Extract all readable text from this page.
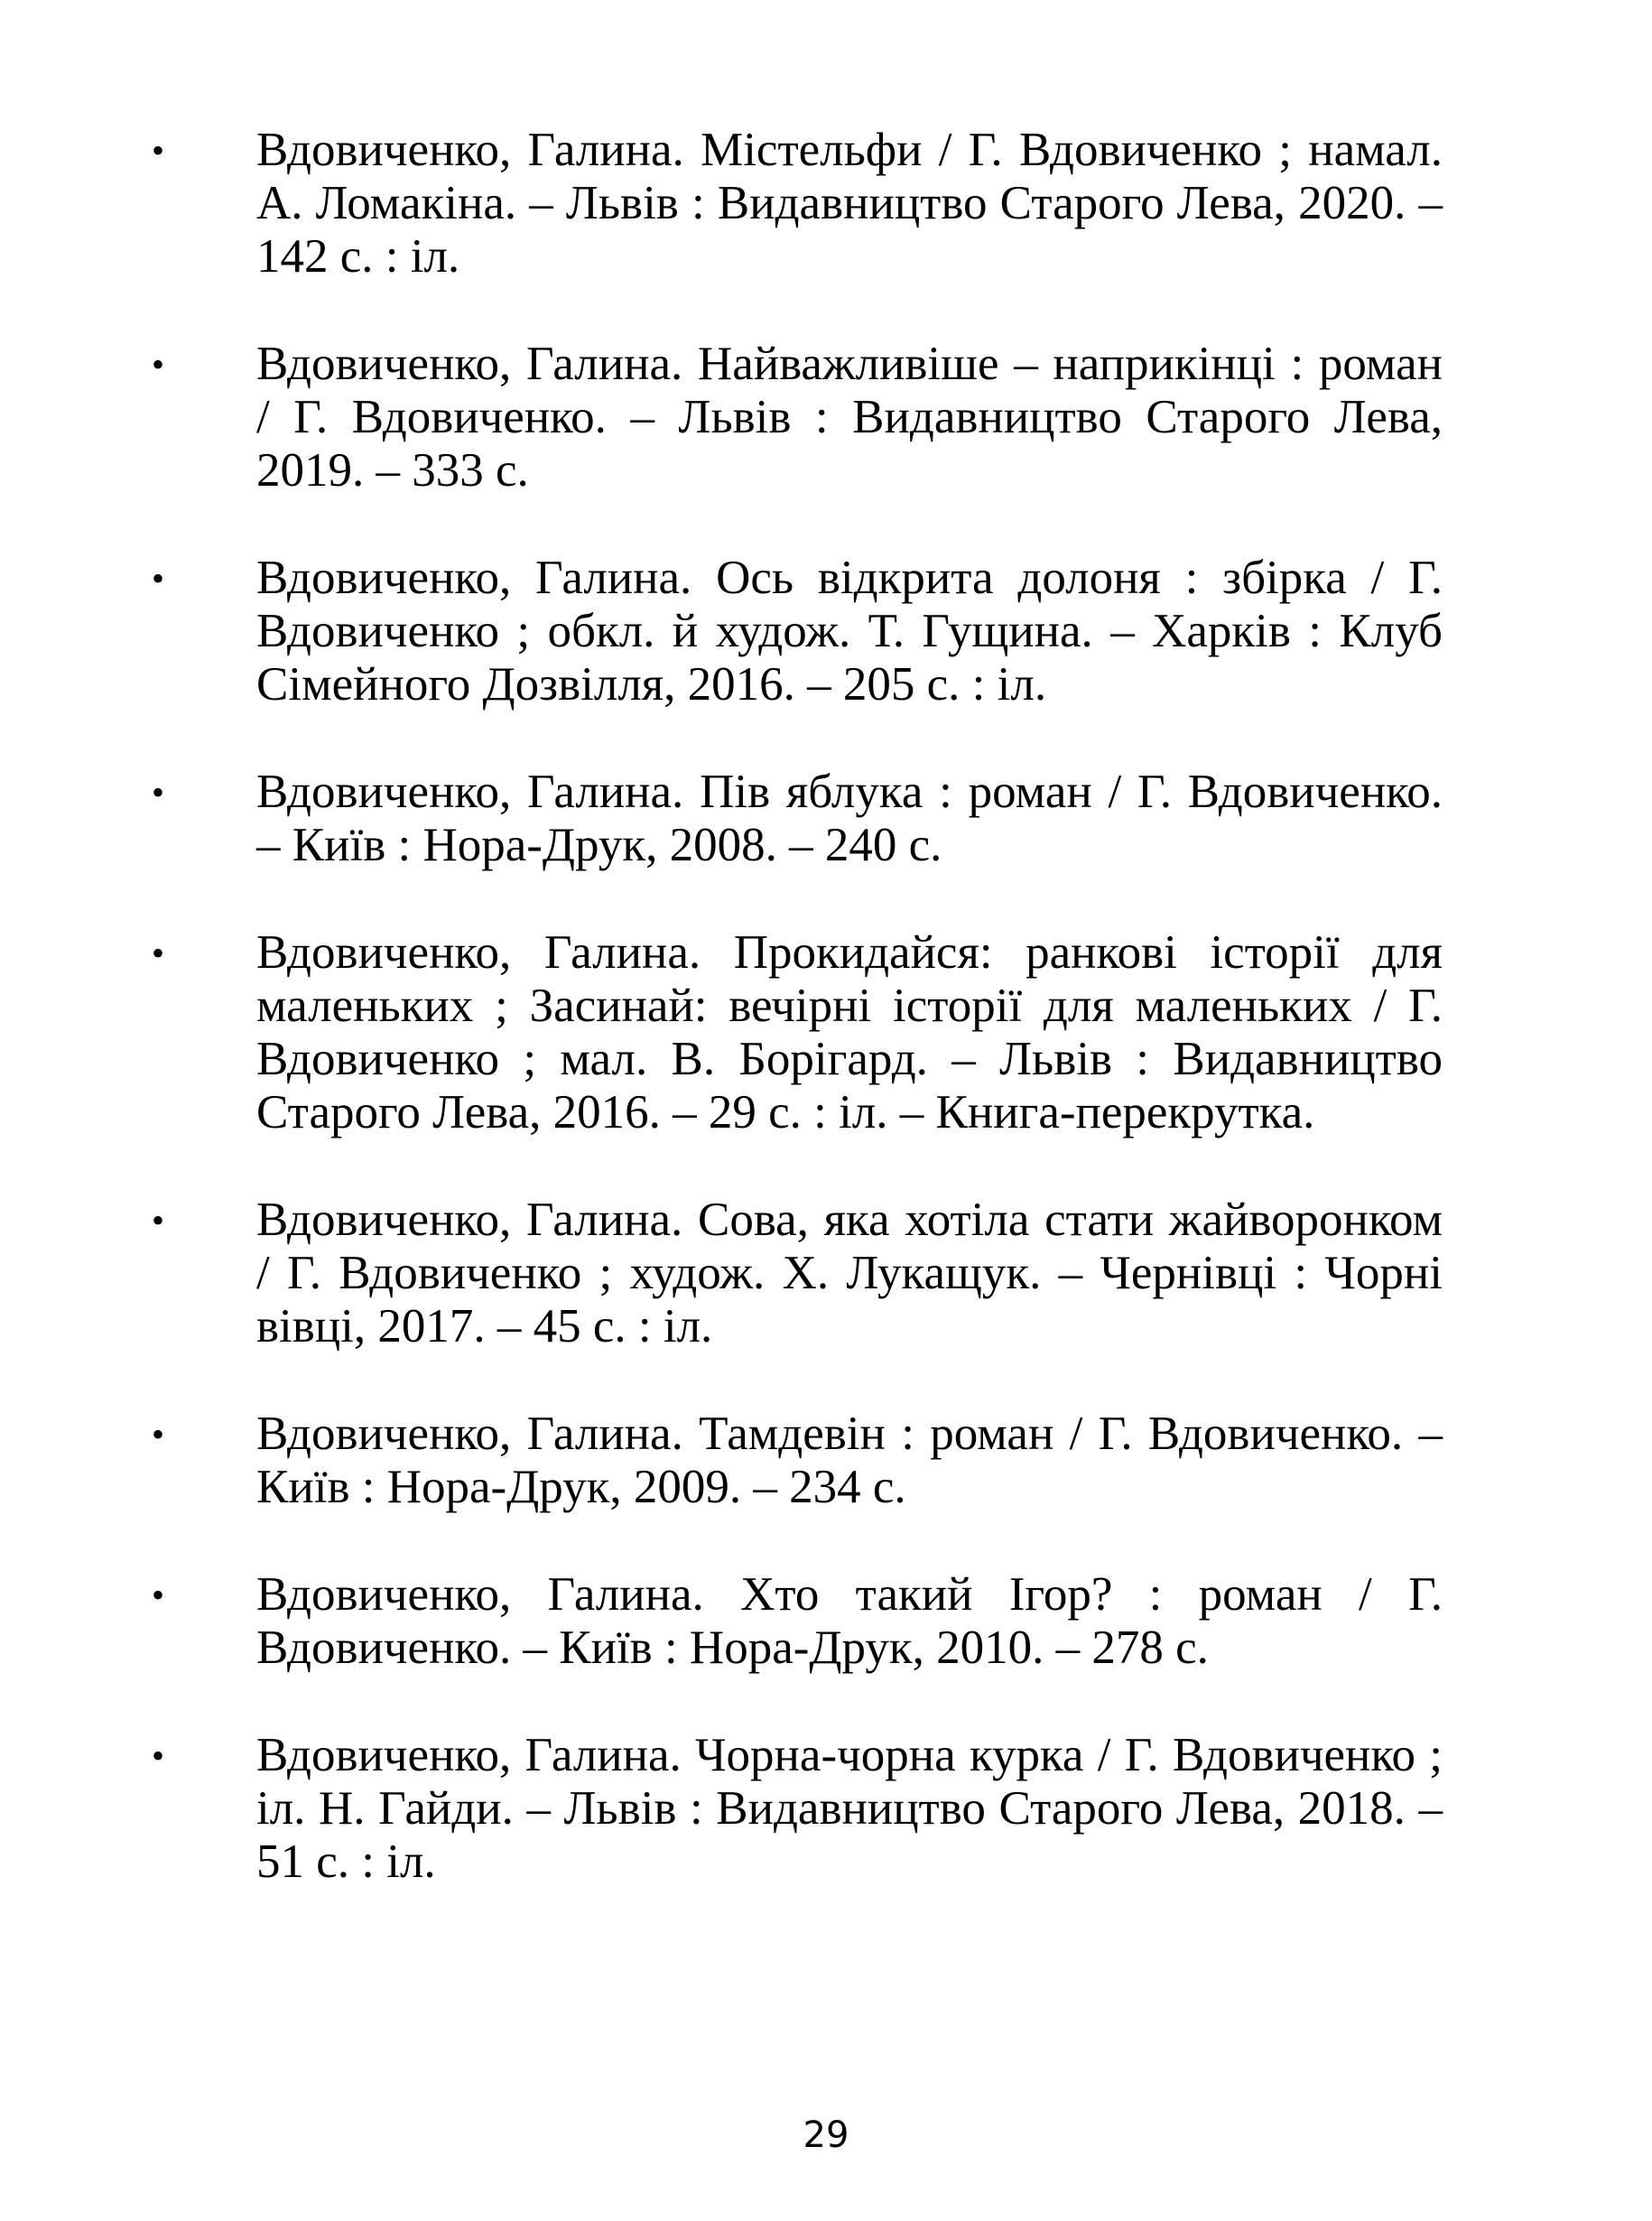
•	Вдовиченко, Галина. Містельфи / Г. Вдовиченко ; намал. А. Ломакіна. – Львів : Видавництво Старого Лева, 2020. – 142 с. : іл.
•	Вдовиченко, Галина. Найважливіше – наприкінці : роман / Г. Вдовиченко. – Львів : Видавництво Старого Лева, 2019. – 333 с.
•	Вдовиченко, Галина. Ось відкрита долоня : збірка / Г. Вдовиченко ; обкл. й худож. Т. Гущина. – Харків : Клуб Сімейного Дозвілля, 2016. – 205 с. : іл.
•	Вдовиченко, Галина. Пів яблука : роман / Г. Вдовиченко. – Київ : Нора-Друк, 2008. – 240 с.
•	Вдовиченко, Галина. Прокидайся: ранкові історії для маленьких ; Засинай: вечірні історії для маленьких / Г. Вдовиченко ; мал. В. Борігард. – Львів : Видавництво Старого Лева, 2016. – 29 с. : іл. – Книга-перекрутка.
•	Вдовиченко, Галина. Сова, яка хотіла стати жайворонком / Г. Вдовиченко ; худож. Х. Лукащук. – Чернівці : Чорні вівці, 2017. – 45 с. : іл.
•	Вдовиченко, Галина. Тамдевін : роман / Г. Вдовиченко. – Київ : Нора-Друк, 2009. – 234 с.
•	Вдовиченко, Галина. Хто такий Ігор? : роман / Г. Вдовиченко. – Київ : Нора-Друк, 2010. – 278 с.
•	Вдовиченко, Галина. Чорна-чорна курка / Г. Вдовиченко ; іл. Н. Гайди. – Львів : Видавництво Старого Лева, 2018. – 51 с. : іл.
29
